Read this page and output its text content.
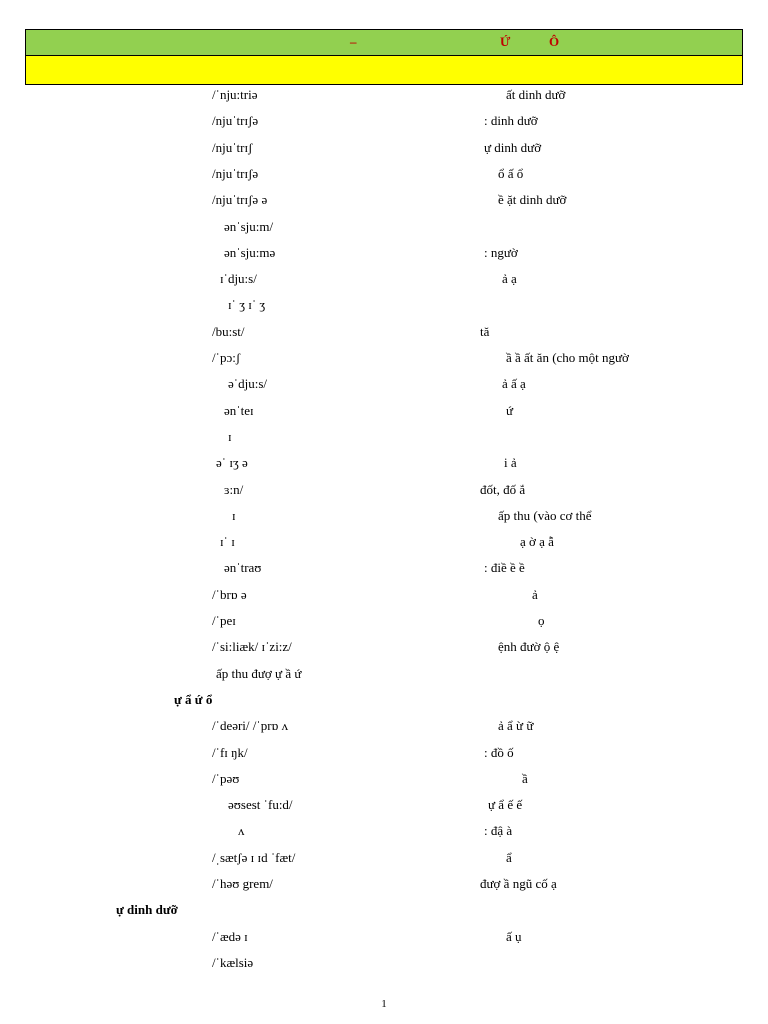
–	Ứ	Ô
/ˈnju:triə	ất dinh dưỡ
/njuˈtrɪʃə	: dinh dưỡ
/njuˈtrɪʃ	ự dinh dưỡ
/njuˈtrɪʃə	ổ ấ ổ
/njuˈtrɪʃə ə	ề ặt dinh dưỡ
ənˈsju:m/
ənˈsju:mə	: ngườ
ɪˈdju:s/	ả ạ
ɪˈ ʒ ɪˈ ʒ
/bu:st/	tă
/ˈpɔ:ʃ	ầ ầ ất ăn (cho một ngườ
əˈdju:s/	ả ấ ạ
ənˈteɪ	ứ
ɪ
əˈ ɪʒ ə	i ả
ɜ:n/	đốt, đố ắ
ɪ	ấp thu (vào cơ thể
ɪˈ ɪ	ạ ờ ạ ẫ
ənˈtraʊ	: điề ề ề
/ˈbrɒ ə	ả
/ˈpeɪ	ọ
/ˈsi:liæk/ ɪˈzi:z/	ệnh đườ ộ ệ
ấp thu đượ ự ầ ứ
ự ẩ ứ ổ
/ˈdeəri/ /ˈprɒ ʌ	ả ẩ ừ ữ
/ˈfɪ ŋk/	: đồ ố
/ˈpəʊ	ầ
əʊsest ˈfu:d/	ự ẩ ế ế
ʌ	: đậ à
/ˌsætʃə ɪ ɪd ˈfæt/	ẩ
/ˈhəʊ grem/	đượ ầ ngũ cố ạ
ự dinh dưỡ
/ˈædə ɪ	ấ ụ
/ˈkælsiə
1
